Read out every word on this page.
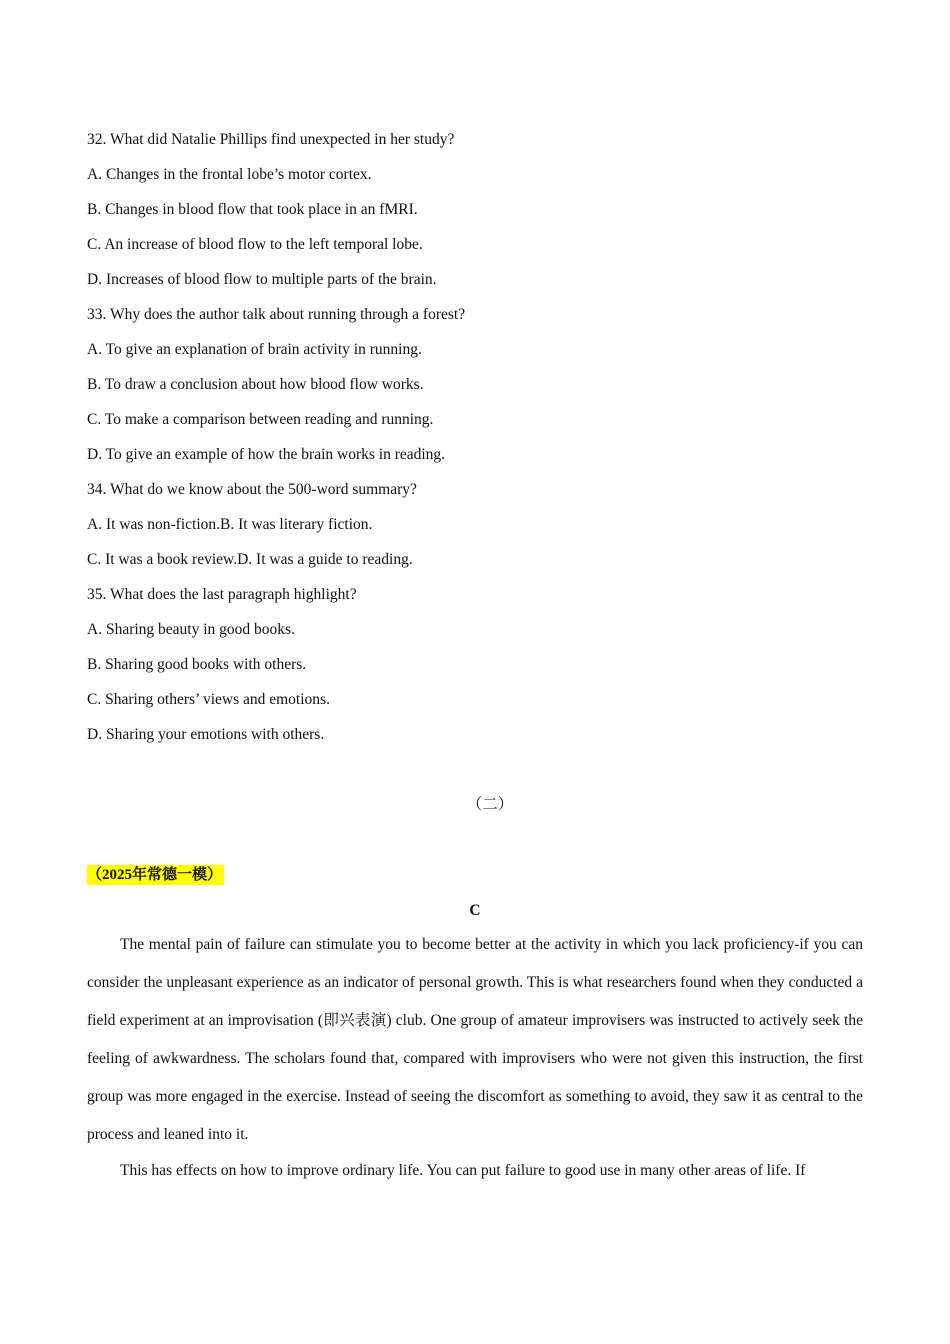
32. What did Natalie Phillips find unexpected in her study?
A. Changes in the frontal lobe’s motor cortex.
B. Changes in blood flow that took place in an fMRI.
C. An increase of blood flow to the left temporal lobe.
D. Increases of blood flow to multiple parts of the brain.
33. Why does the author talk about running through a forest?
A. To give an explanation of brain activity in running.
B. To draw a conclusion about how blood flow works.
C. To make a comparison between reading and running.
D. To give an example of how the brain works in reading.
34. What do we know about the 500-word summary?
A. It was non-fiction.B. It was literary fiction.
C. It was a book review.D. It was a guide to reading.
35. What does the last paragraph highlight?
A. Sharing beauty in good books.
B. Sharing good books with others.
C. Sharing others’ views and emotions.
D. Sharing your emotions with others.
（二）
（2025年常德一模）
C

The mental pain of failure can stimulate you to become better at the activity in which you lack proficiency-if you can consider the unpleasant experience as an indicator of personal growth. This is what researchers found when they conducted a field experiment at an improvisation (即兴表演) club. One group of amateur improvisers was instructed to actively seek the feeling of awkwardness. The scholars found that, compared with improvisers who were not given this instruction, the first group was more engaged in the exercise. Instead of seeing the discomfort as something to avoid, they saw it as central to the process and leaned into it.

This has effects on how to improve ordinary life. You can put failure to good use in many other areas of life. If
